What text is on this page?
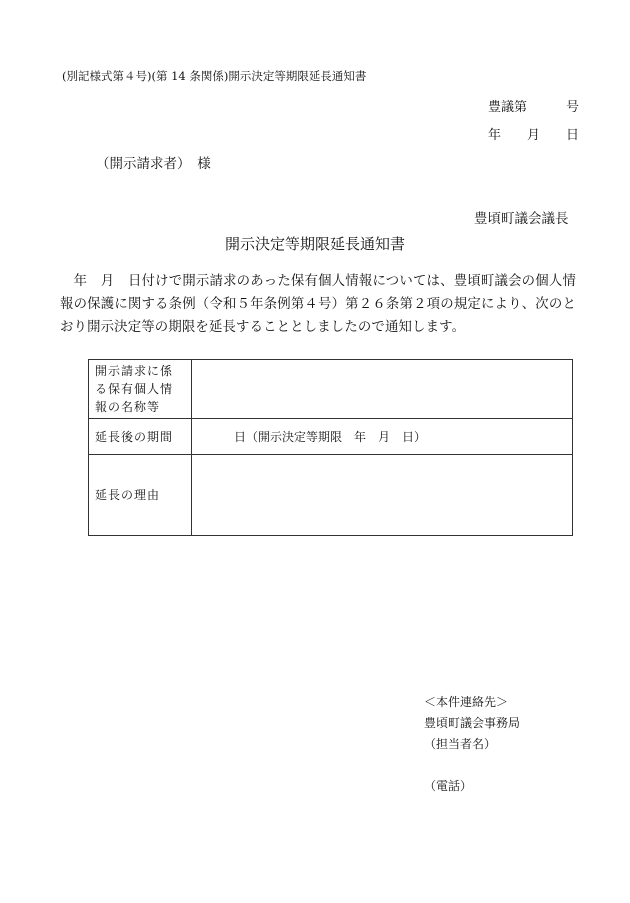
(別記様式第４号)(第 14 条関係)開示決定等期限延長通知書
豊議第　　　号
年　　月　　日
（開示請求者）　様
豊頃町議会議長
開示決定等期限延長通知書
　年　月　日付けで開示請求のあった保有個人情報については、豊頃町議会の個人情報の保護に関する条例（令和５年条例第４号）第２６条第２項の規定により、次のとおり開示決定等の期限を延長することとしましたので通知します。
開示請求に係る保有個人情報の名称等	
延長後の期間	日（開示決定等期限　年　月　日）
延長の理由	
＜本件連絡先＞
豊頃町議会事務局
（担当者名）
（電話）
